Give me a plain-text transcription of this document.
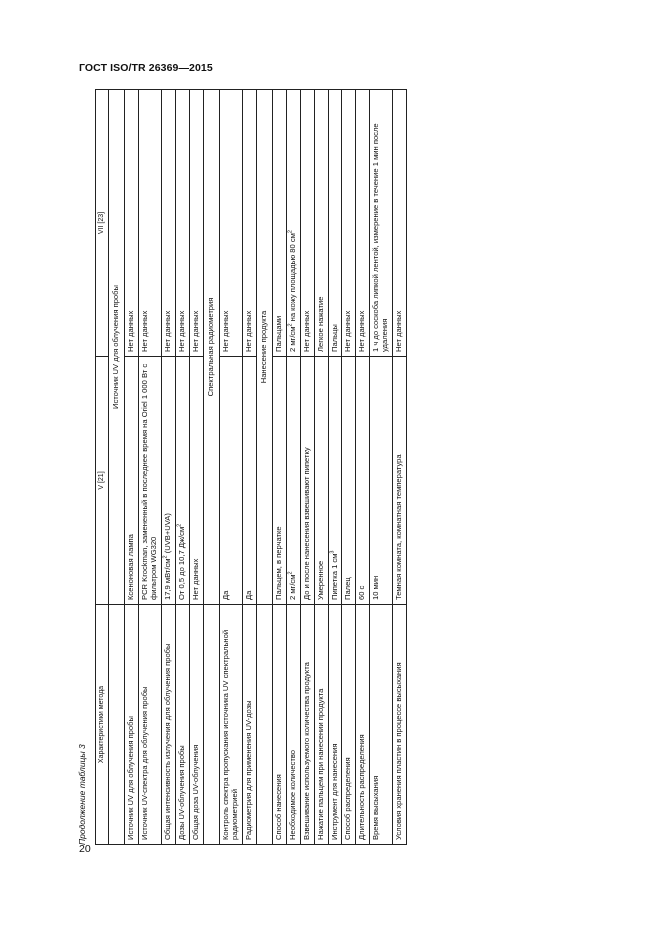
ГОСТ ISO/TR 26369—2015
20
Продолжение таблицы 3
Характеристики метода	V [21]	VII [23]
	Источник UV для облучения пробы	
Источник UV для облучения пробы	Ксеноновая лампа	Нет данных
Источник UV-спектра для облучения пробы	PCR Krockman, замененный в последнее время на Oriel 1 000 Вт с фильтром WG320	Нет данных
Общая интенсивность излучения для облучения пробы	17,9 мВт/$см^2$ (UVB+UVA)	Нет данных
Дозы UV-облучения пробы	От 0,5 до 10,7 $Дж/см^2$	Нет данных
Общая доза UV-облучения	Нет данных	Нет данных
	Спектральная радиометрия	
Контроль спектра пропускания источника UV спектральной радиометрией	Да	Нет данных
Радиометрия для применения UV-дозы	Да	Нет данных
	Нанесение продукта	
Способ нанесения	Пальцем, в перчатке	Пальцами
Необходимое количество	2 $мг/см^2$	2 $мг/см^2$ на кожу площадью 80 $см^2$
Взвешивание используемого количества продукта	До и после нанесения взвешивают пипетку	Нет данных
Нажатие пальцем при нанесении продукта	Умеренное	Легкое нажатие
Инструмент для нанесения	Пипетка 1 $см^3$	Пальцы
Способ распределения	Палец	Нет данных
Длительность распределения	60 с	Нет данных
Время высыхания	10 мин	1 ч до соскоба липкой лентой, измерение в течение 1 мин после удаления
Условия хранения пластин в процессе высыхания	Темная комната, комнатная температура	Нет данных
